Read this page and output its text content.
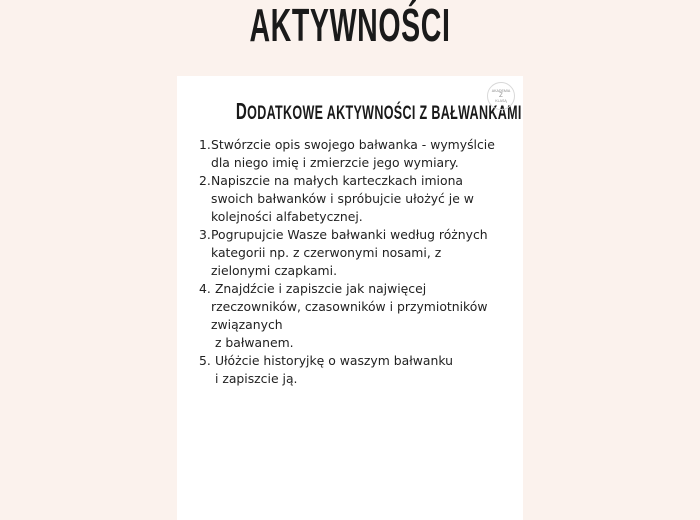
AKTYWNOŚCI
DODATKOWE AKTYWNOŚCI Z BAŁWANKAMI
AKADEMIA
Z
KLASĄ
1. Stwórzcie opis swojego bałwanka - wymyślcie
dla niego imię i zmierzcie jego wymiary.
2. Napiszcie na małych karteczkach imiona
swoich bałwanków i spróbujcie ułożyć je w
kolejności alfabetycznej.
3. Pogrupujcie Wasze bałwanki według różnych
kategorii np. z czerwonymi nosami, z
zielonymi czapkami.
4. Znajdźcie i zapiszcie jak najwięcej
rzeczowników, czasowników i przymiotników
związanych
z bałwanem.
5. Ułóżcie historyjkę o waszym bałwanku
i zapiszcie ją.
